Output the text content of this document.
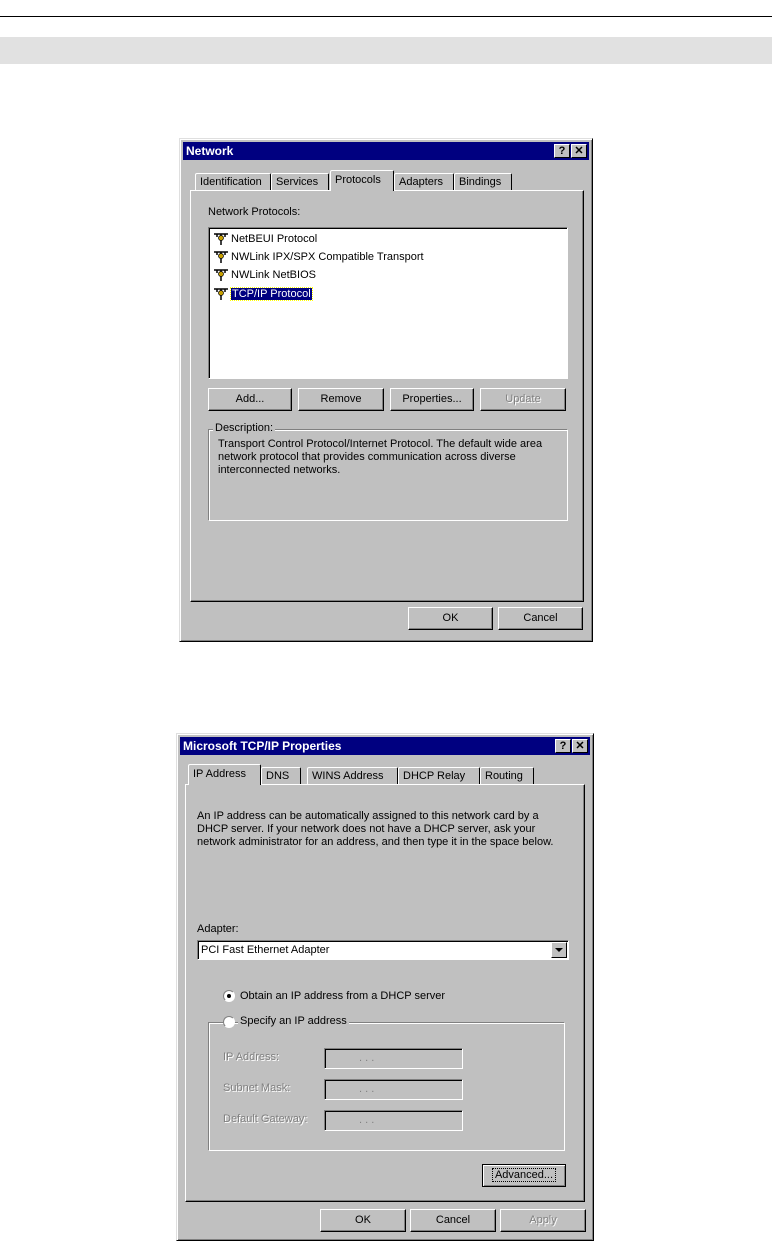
Network	? ✕
Identification	Services	Protocols	Adapters	Bindings
Network Protocols:
NetBEUI Protocol
NWLink IPX/SPX Compatible Transport
NWLink NetBIOS
TCP/IP Protocol
Add...	Remove	Properties...	Update
Description:
Transport Control Protocol/Internet Protocol. The default wide area network protocol that provides communication across diverse interconnected networks.
OK	Cancel
Microsoft TCP/IP Properties	? ✕
IP Address	DNS	WINS Address	DHCP Relay	Routing
An IP address can be automatically assigned to this network card by a DHCP server. If your network does not have a DHCP server, ask your network administrator for an address, and then type it in the space below.
Adapter:
PCI Fast Ethernet Adapter
Obtain an IP address from a DHCP server
Specify an IP address
IP Address:	. . .
Subnet Mask:	. . .
Default Gateway:	. . .
Advanced...
OK	Cancel	Apply
